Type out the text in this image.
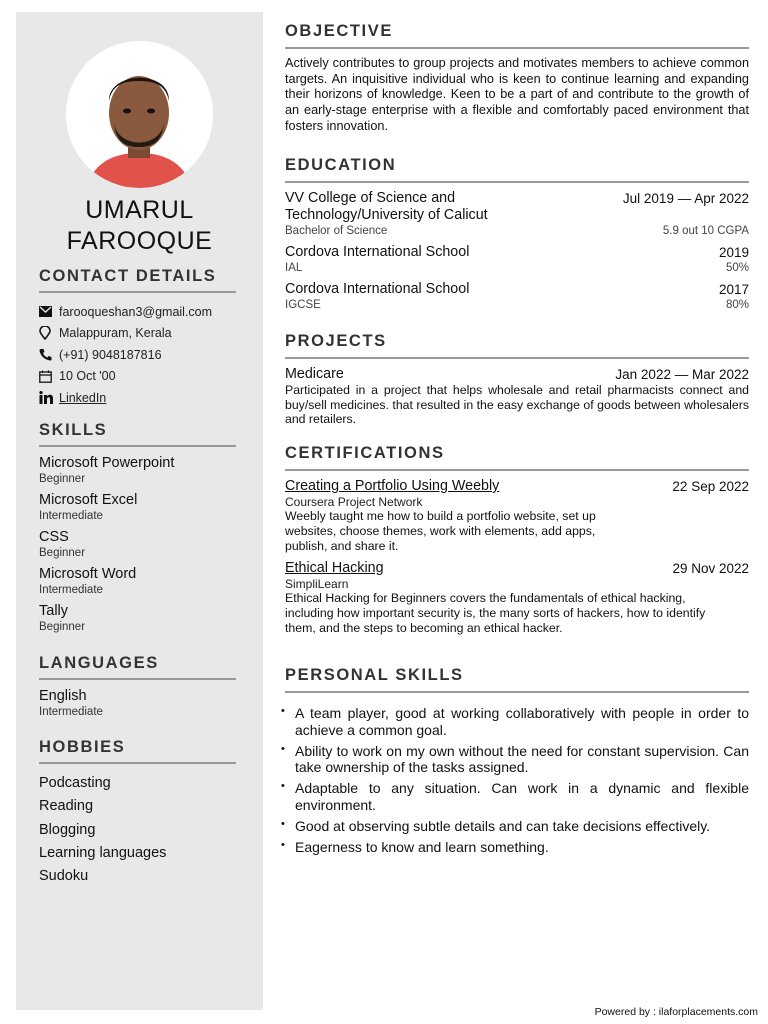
UMARUL FAROOQUE
CONTACT DETAILS
farooqueshan3@gmail.com
Malappuram, Kerala
(+91) 9048187816
10 Oct '00
LinkedIn
SKILLS
Microsoft Powerpoint
Beginner
Microsoft Excel
Intermediate
CSS
Beginner
Microsoft Word
Intermediate
Tally
Beginner
LANGUAGES
English
Intermediate
HOBBIES
Podcasting
Reading
Blogging
Learning languages
Sudoku
OBJECTIVE
Actively contributes to group projects and motivates members to achieve common targets. An inquisitive individual who is keen to continue learning and expanding their horizons of knowledge. Keen to be a part of and contribute to the growth of an early-stage enterprise with a flexible and comfortably paced environment that fosters innovation.
EDUCATION
VV College of Science and Technology/University of Calicut
Jul 2019 — Apr 2022
Bachelor of Science	5.9 out 10 CGPA
Cordova International School	2019
IAL	50%
Cordova International School	2017
IGCSE	80%
PROJECTS
Medicare	Jan 2022 — Mar 2022
Participated in a project that helps wholesale and retail pharmacists connect and buy/sell medicines. that resulted in the easy exchange of goods between wholesalers and retailers.
CERTIFICATIONS
Creating a Portfolio Using Weebly	22 Sep 2022
Coursera Project Network
Weebly taught me how to build a portfolio website, set up websites, choose themes, work with elements, add apps, publish, and share it.
Ethical Hacking	29 Nov 2022
SimpliLearn
Ethical Hacking for Beginners covers the fundamentals of ethical hacking, including how important security is, the many sorts of hackers, how to identify them, and the steps to becoming an ethical hacker.
PERSONAL SKILLS
• A team player, good at working collaboratively with people in order to achieve a common goal.
• Ability to work on my own without the need for constant supervision. Can take ownership of the tasks assigned.
• Adaptable to any situation. Can work in a dynamic and flexible environment.
• Good at observing subtle details and can take decisions effectively.
• Eagerness to know and learn something.
Powered by : ilaforplacements.com
